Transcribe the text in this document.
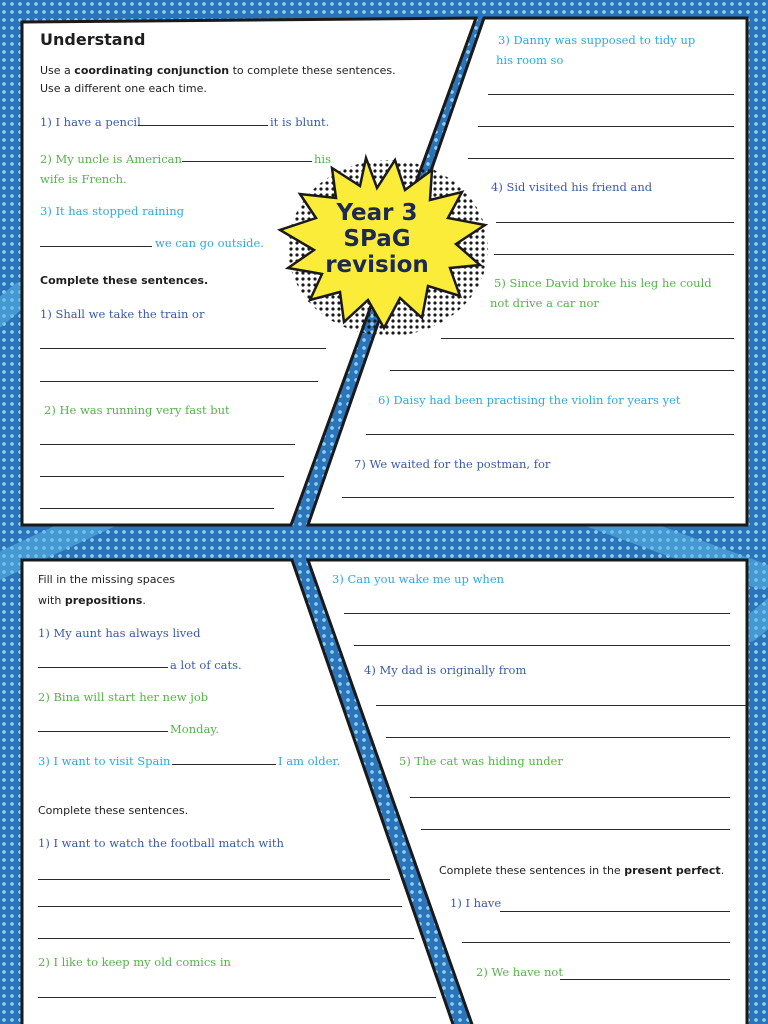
Year 3
SPaG
revision
Understand
Use a coordinating conjunction to complete these sentences.
Use a different one each time.
1) I have a pencil	it is blunt.
2) My uncle is American	his
wife is French.
3) It has stopped raining
we can go outside.
Complete these sentences.
1) Shall we take the train or
2) He was running very fast but
3) Danny was supposed to tidy up
his room so
4) Sid visited his friend and
5) Since David broke his leg he could
not drive a car nor
6) Daisy had been practising the violin for years yet
7) We waited for the postman, for
Fill in the missing spaces
with prepositions.
1) My aunt has always lived
a lot of cats.
2) Bina will start her new job
Monday.
3) I want to visit Spain	I am older.
Complete these sentences.
1) I want to watch the football match with
2) I like to keep my old comics in
3) Can you wake me up when
4) My dad is originally from
5) The cat was hiding under
Complete these sentences in the present perfect.
1) I have
2) We have not
